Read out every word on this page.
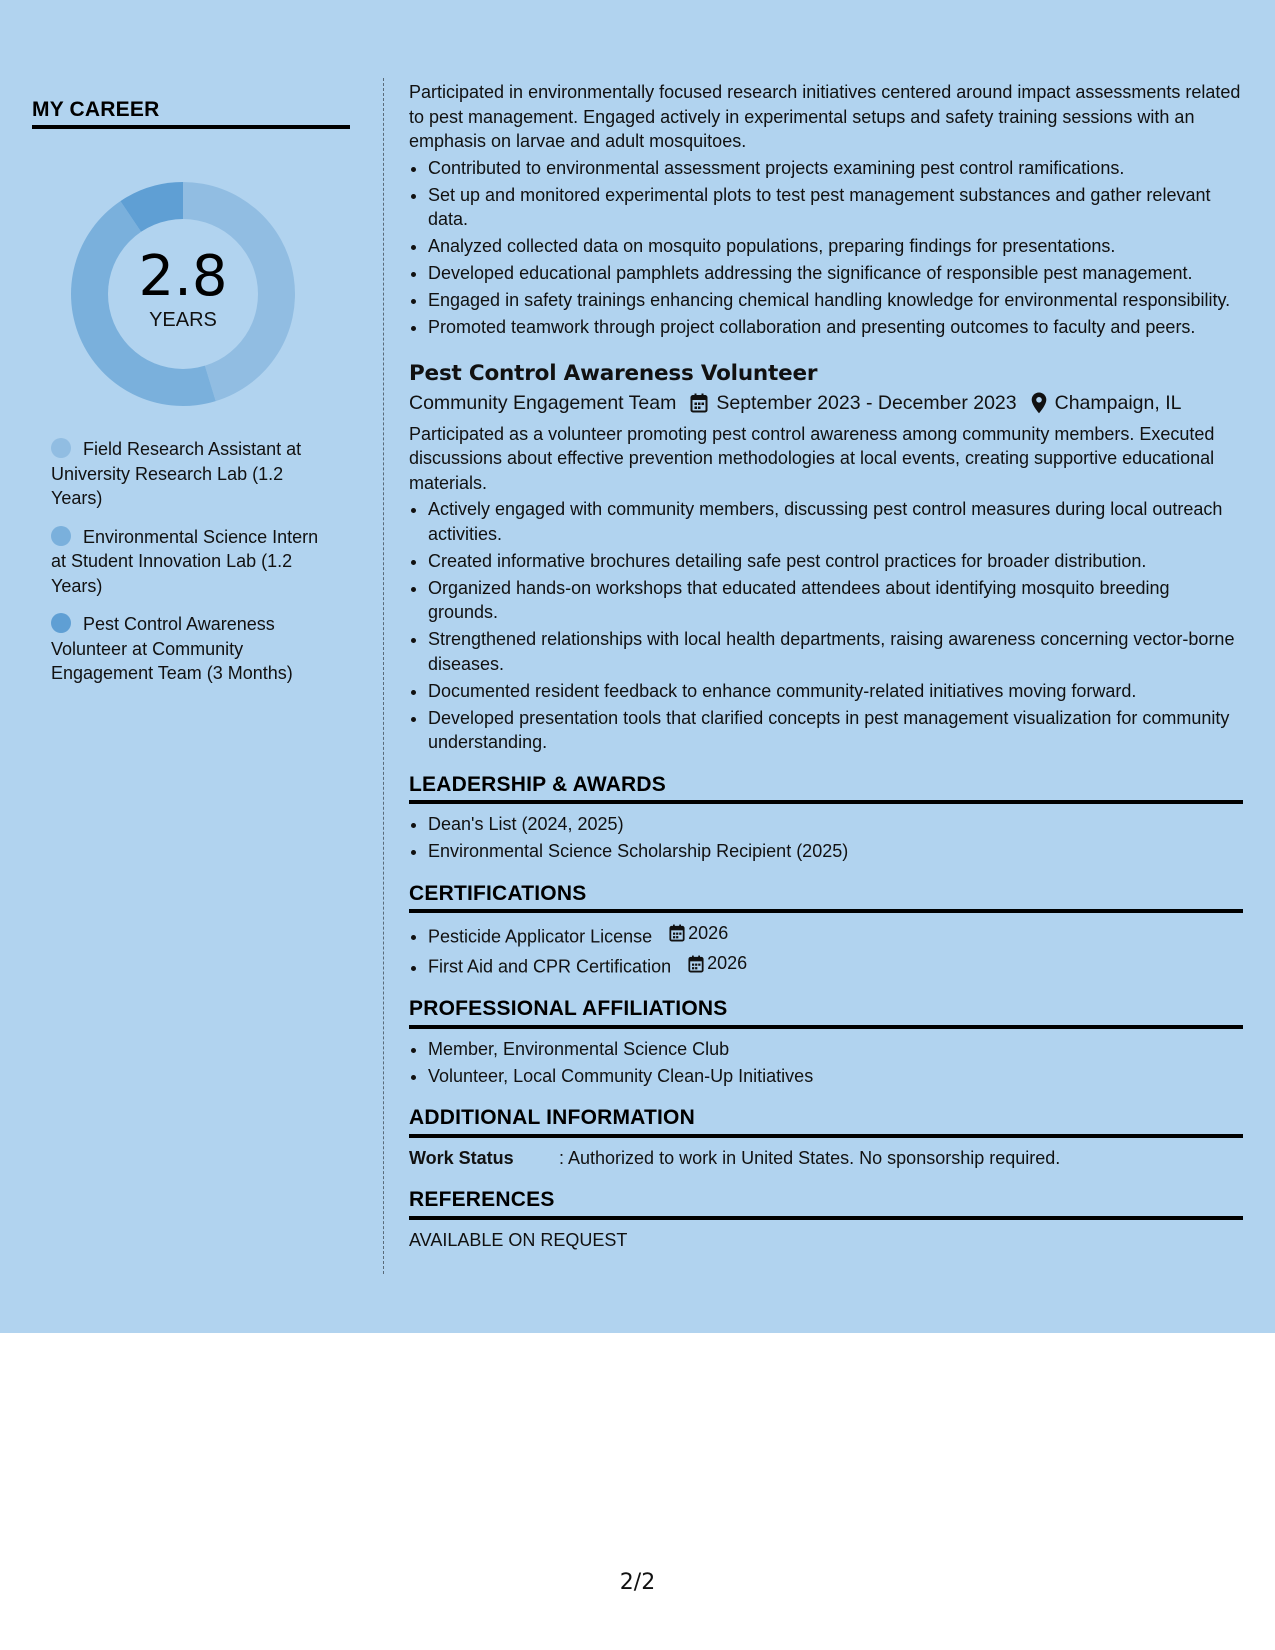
MY CAREER
2.8
YEARS
Field Research Assistant at University Research Lab (1.2 Years)
Environmental Science Intern at Student Innovation Lab (1.2 Years)
Pest Control Awareness Volunteer at Community Engagement Team (3 Months)

Participated in environmentally focused research initiatives centered around impact assessments related to pest management. Engaged actively in experimental setups and safety training sessions with an emphasis on larvae and adult mosquitoes.

• Contributed to environmental assessment projects examining pest control ramifications.
• Set up and monitored experimental plots to test pest management substances and gather relevant data.
• Analyzed collected data on mosquito populations, preparing findings for presentations.
• Developed educational pamphlets addressing the significance of responsible pest management.
• Engaged in safety trainings enhancing chemical handling knowledge for environmental responsibility.
• Promoted teamwork through project collaboration and presenting outcomes to faculty and peers.
Pest Control Awareness Volunteer
Community Engagement Team September 2023 - December 2023 Champaign, IL

Participated as a volunteer promoting pest control awareness among community members. Executed discussions about effective prevention methodologies at local events, creating supportive educational materials.

• Actively engaged with community members, discussing pest control measures during local outreach activities.
• Created informative brochures detailing safe pest control practices for broader distribution.
• Organized hands-on workshops that educated attendees about identifying mosquito breeding grounds.
• Strengthened relationships with local health departments, raising awareness concerning vector-borne diseases.
• Documented resident feedback to enhance community-related initiatives moving forward.
• Developed presentation tools that clarified concepts in pest management visualization for community understanding.
LEADERSHIP & AWARDS
• Dean's List (2024, 2025)
• Environmental Science Scholarship Recipient (2025)
CERTIFICATIONS
• Pesticide Applicator License 2026
• First Aid and CPR Certification 2026
PROFESSIONAL AFFILIATIONS
• Member, Environmental Science Club
• Volunteer, Local Community Clean-Up Initiatives
ADDITIONAL INFORMATION
Work Status	: Authorized to work in United States. No sponsorship required.
REFERENCES
AVAILABLE ON REQUEST
2/2
